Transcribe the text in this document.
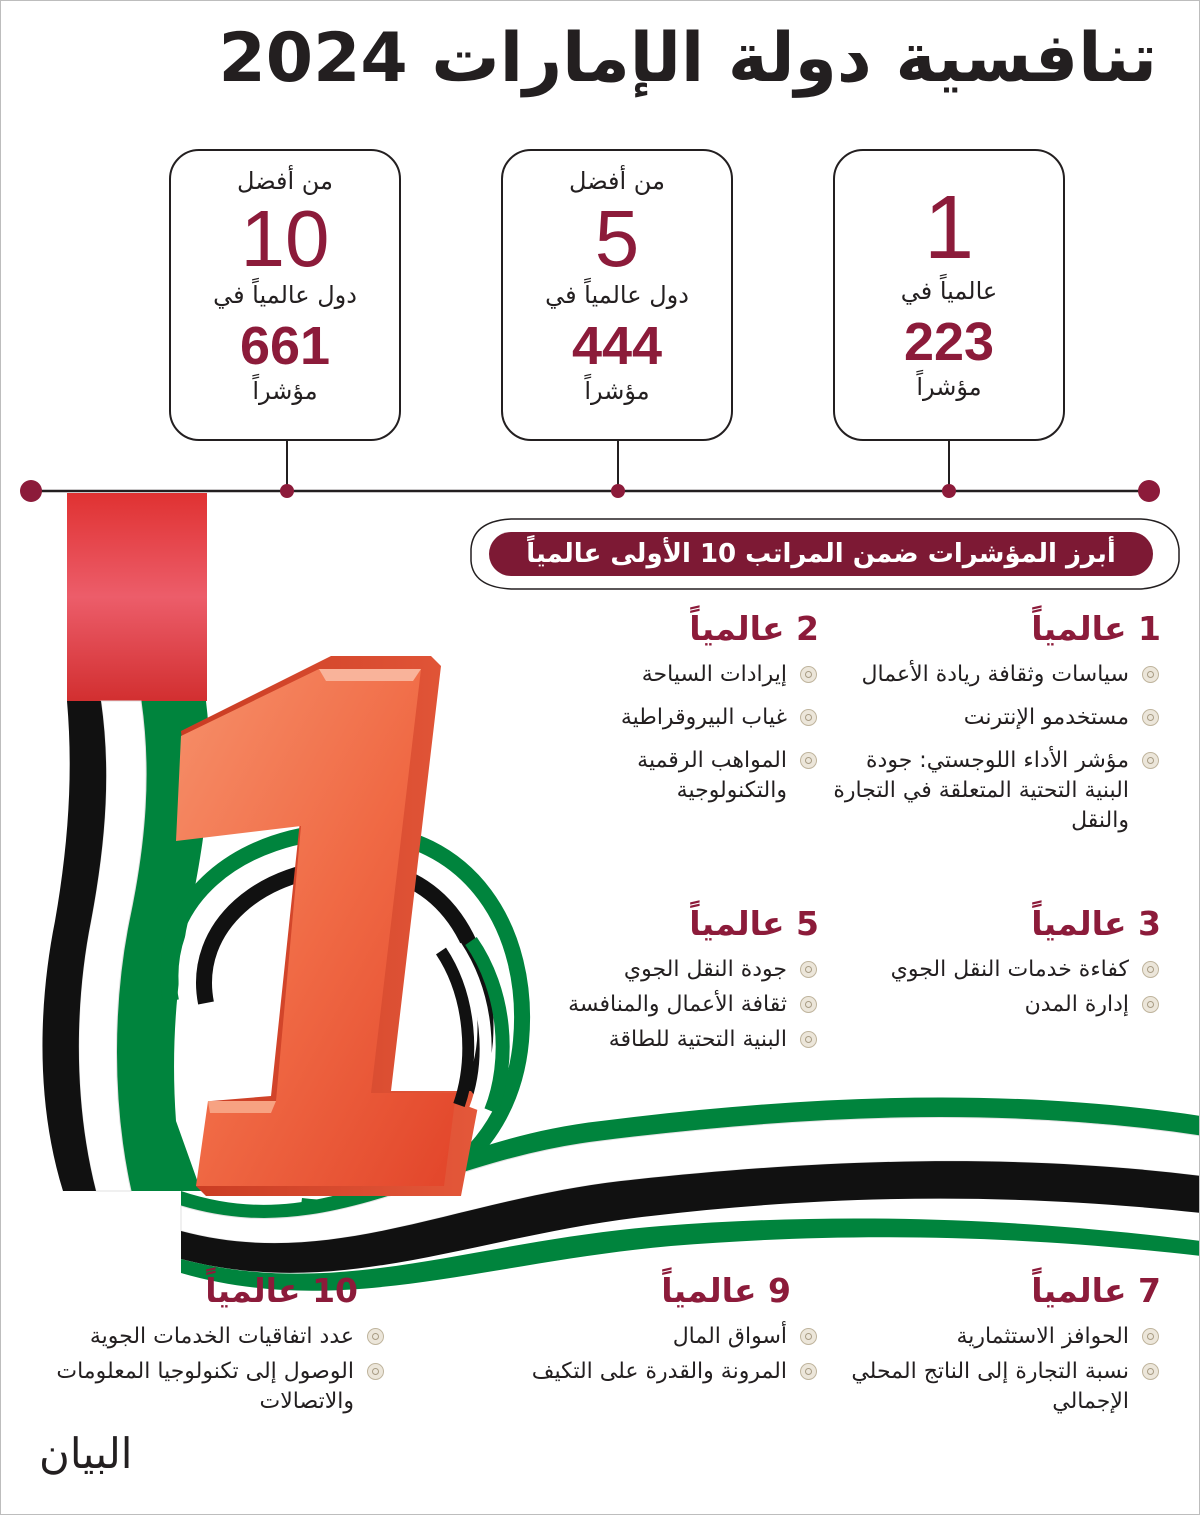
تنافسية دولة الإمارات 2024
1
عالمياً في
223
مؤشراً
من أفضل
5
دول عالمياً في
444
مؤشراً
من أفضل
10
دول عالمياً في
661
مؤشراً
أبرز المؤشرات ضمن المراتب 10 الأولى عالمياً
1 عالمياً
سياسات وثقافة ريادة الأعمال
مستخدمو الإنترنت
مؤشر الأداء اللوجستي: جودة البنية التحتية المتعلقة في التجارة والنقل
2 عالمياً
إيرادات السياحة
غياب البيروقراطية
المواهب الرقمية والتكنولوجية
3 عالمياً
كفاءة خدمات النقل الجوي
إدارة المدن
5 عالمياً
جودة النقل الجوي
ثقافة الأعمال والمنافسة
البنية التحتية للطاقة
7 عالمياً
الحوافز الاستثمارية
نسبة التجارة إلى الناتج المحلي الإجمالي
9 عالمياً
أسواق المال
المرونة والقدرة على التكيف
10 عالمياً
عدد اتفاقيات الخدمات الجوية
الوصول إلى تكنولوجيا المعلومات والاتصالات
البيان
